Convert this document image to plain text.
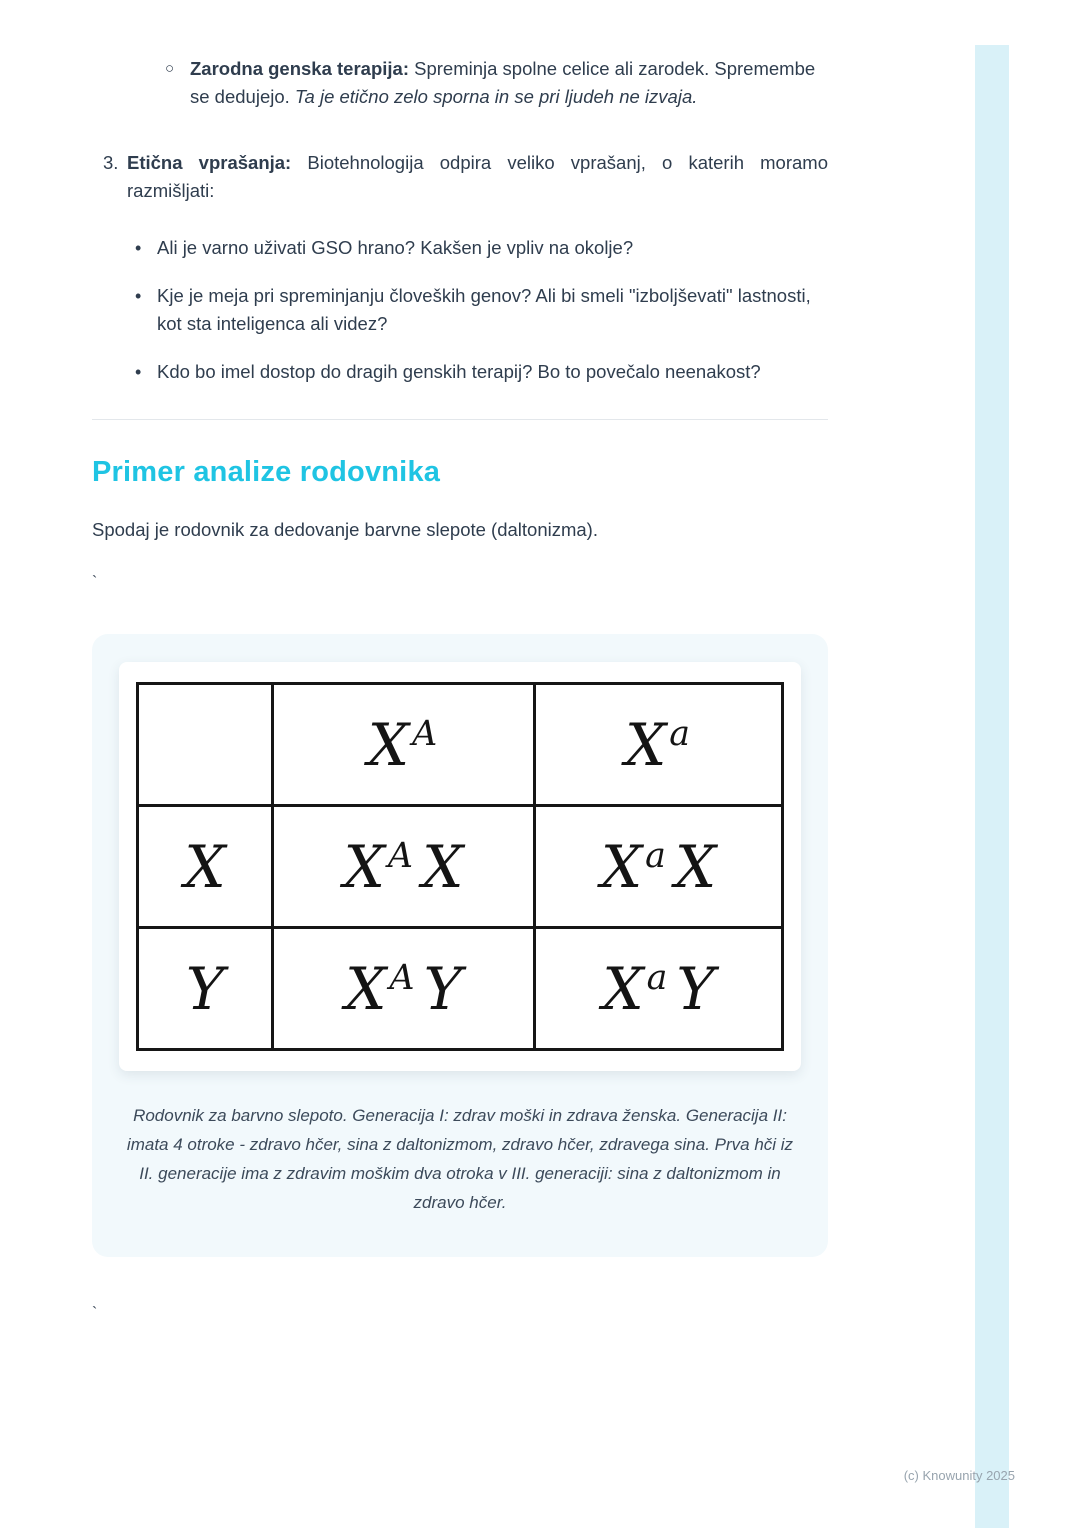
○ Zarodna genska terapija: Spreminja spolne celice ali zarodek. Spremembe se dedujejo. Ta je etično zelo sporna in se pri ljudeh ne izvaja.

3. Etična vprašanja: Biotehnologija odpira veliko vprašanj, o katerih moramo razmišljati:

• Ali je varno uživati GSO hrano? Kakšen je vpliv na okolje?

• Kje je meja pri spreminjanju človeških genov? Ali bi smeli "izboljševati" lastnosti, kot sta inteligenca ali videz?

• Kdo bo imel dostop do dragih genskih terapij? Bo to povečalo neenakost?

Primer analize rodovnika

Spodaj je rodovnik za dedovanje barvne slepote (daltonizma).

`
	$X^A$	$X^a$
X	$X^A$ X	$X^a$ X
Y	$X^A$ Y	$X^a$ Y
Rodovnik za barvno slepoto. Generacija I: zdrav moški in zdrava ženska. Generacija II: imata 4 otroke - zdravo hčer, sina z daltonizmom, zdravo hčer, zdravega sina. Prva hči iz II. generacije ima z zdravim moškim dva otroka v III. generaciji: sina z daltonizmom in zdravo hčer.
`
(c) Knowunity 2025
